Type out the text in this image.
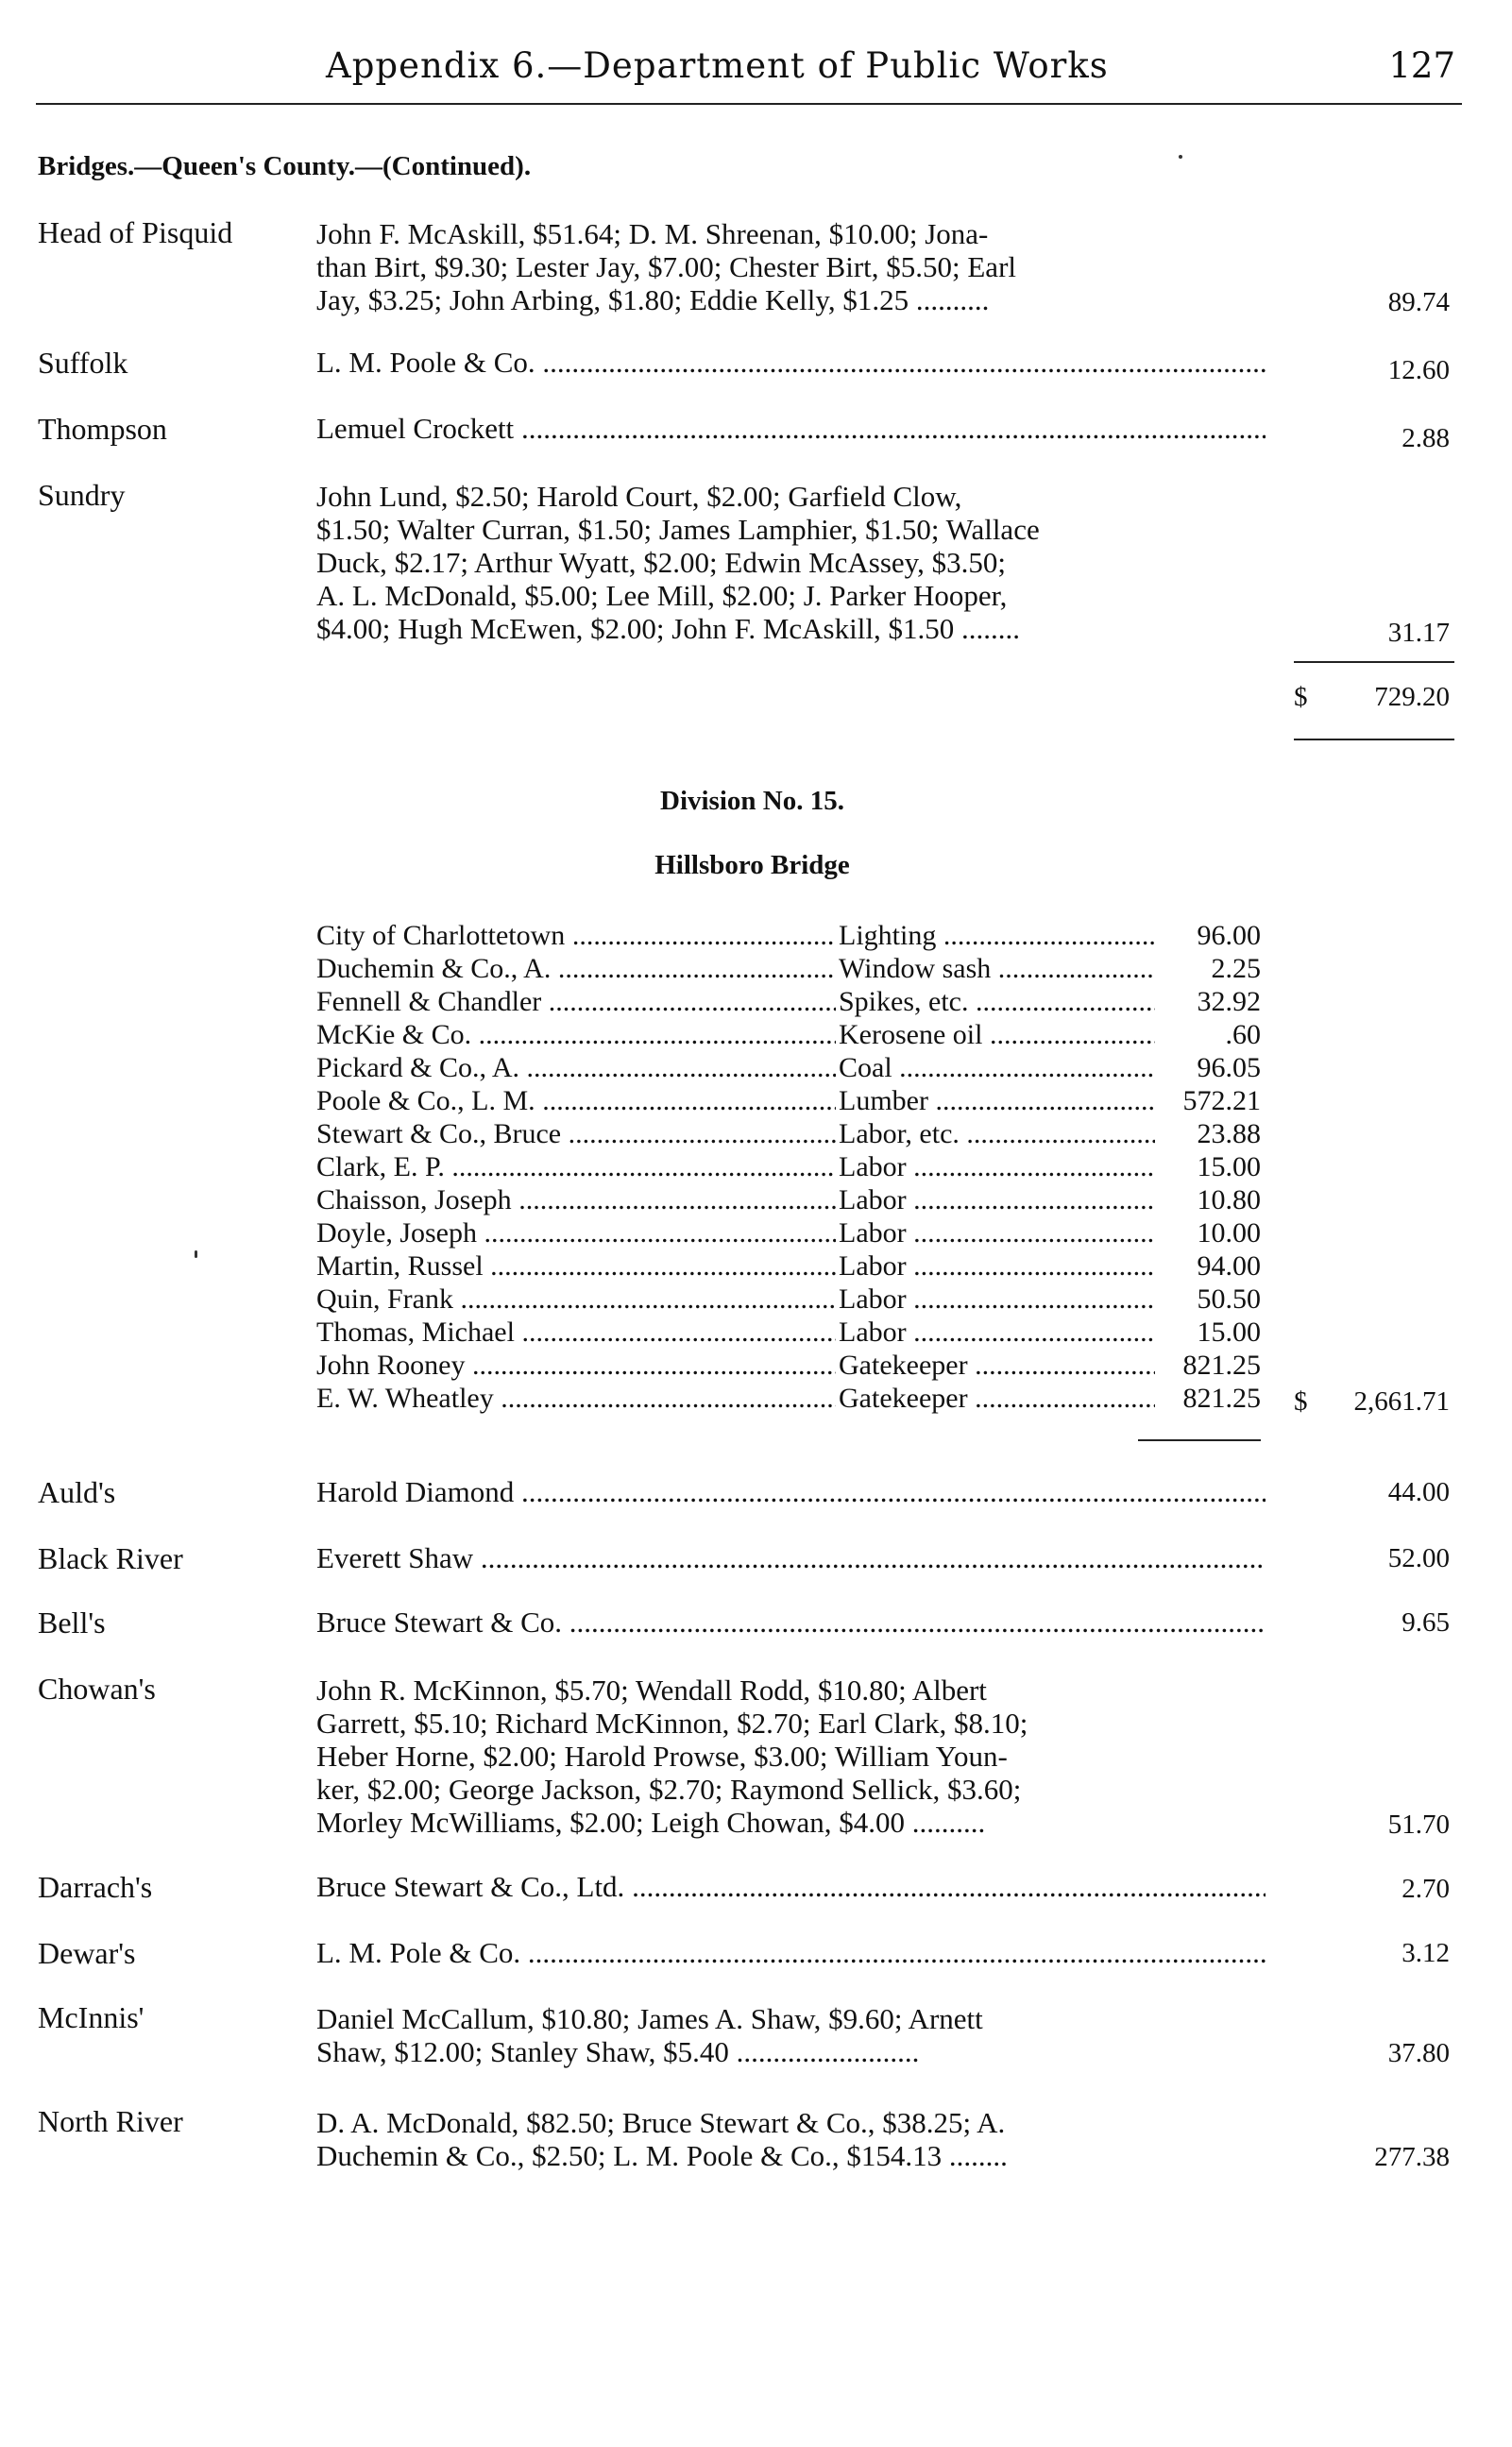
Appendix 6.—Department of Public Works	127
Bridges.—Queen's County.—(Continued).
Head of Pisquid	John F. McAskill, $51.64; D. M. Shreenan, $10.00; Jona-
than Birt, $9.30; Lester Jay, $7.00; Chester Birt, $5.50; Earl
Jay, $3.25; John Arbing, $1.80; Eddie Kelly, $1.25 ..........	89.74
Suffolk	L. M. Poole & Co. .....	12.60
Thompson	Lemuel Crockett .....	2.88
Sundry	John Lund, $2.50; Harold Court, $2.00; Garfield Clow,
$1.50; Walter Curran, $1.50; James Lamphier, $1.50; Wallace
Duck, $2.17; Arthur Wyatt, $2.00; Edwin McAssey, $3.50;
A. L. McDonald, $5.00; Lee Mill, $2.00; J. Parker Hooper,
$4.00; Hugh McEwen, $2.00; John F. McAskill, $1.50 ........	31.17
$ 729.20
Division No. 15.
Hillsboro Bridge
City of Charlottetown .....	Lighting .....	96.00
Duchemin & Co., A. .....	Window sash .....	2.25
Fennell & Chandler .....	Spikes, etc. .....	32.92
McKie & Co. .....	Kerosene oil .....	.60
Pickard & Co., A. .....	Coal .....	96.05
Poole & Co., L. M. .....	Lumber .....	572.21
Stewart & Co., Bruce .....	Labor, etc. .....	23.88
Clark, E. P. .....	Labor .....	15.00
Chaisson, Joseph .....	Labor .....	10.80
Doyle, Joseph .....	Labor .....	10.00
Martin, Russel .....	Labor .....	94.00
Quin, Frank .....	Labor .....	50.50
Thomas, Michael .....	Labor .....	15.00
John Rooney .....	Gatekeeper .....	821.25
E. W. Wheatley .....	Gatekeeper .....	821.25 $ 2,661.71
Auld's	Harold Diamond .....	44.00
Black River	Everett Shaw .....	52.00
Bell's	Bruce Stewart & Co. .....	9.65
Chowan's	John R. McKinnon, $5.70; Wendall Rodd, $10.80; Albert
Garrett, $5.10; Richard McKinnon, $2.70; Earl Clark, $8.10;
Heber Horne, $2.00; Harold Prowse, $3.00; William Youn-
ker, $2.00; George Jackson, $2.70; Raymond Sellick, $3.60;
Morley McWilliams, $2.00; Leigh Chowan, $4.00 ..........	51.70
Darrach's	Bruce Stewart & Co., Ltd. .....	2.70
Dewar's	L. M. Pole & Co. .....	3.12
McInnis'	Daniel McCallum, $10.80; James A. Shaw, $9.60; Arnett
Shaw, $12.00; Stanley Shaw, $5.40 .........................	37.80
North River	D. A. McDonald, $82.50; Bruce Stewart & Co., $38.25; A.
Duchemin & Co., $2.50; L. M. Poole & Co., $154.13 ........	277.38
